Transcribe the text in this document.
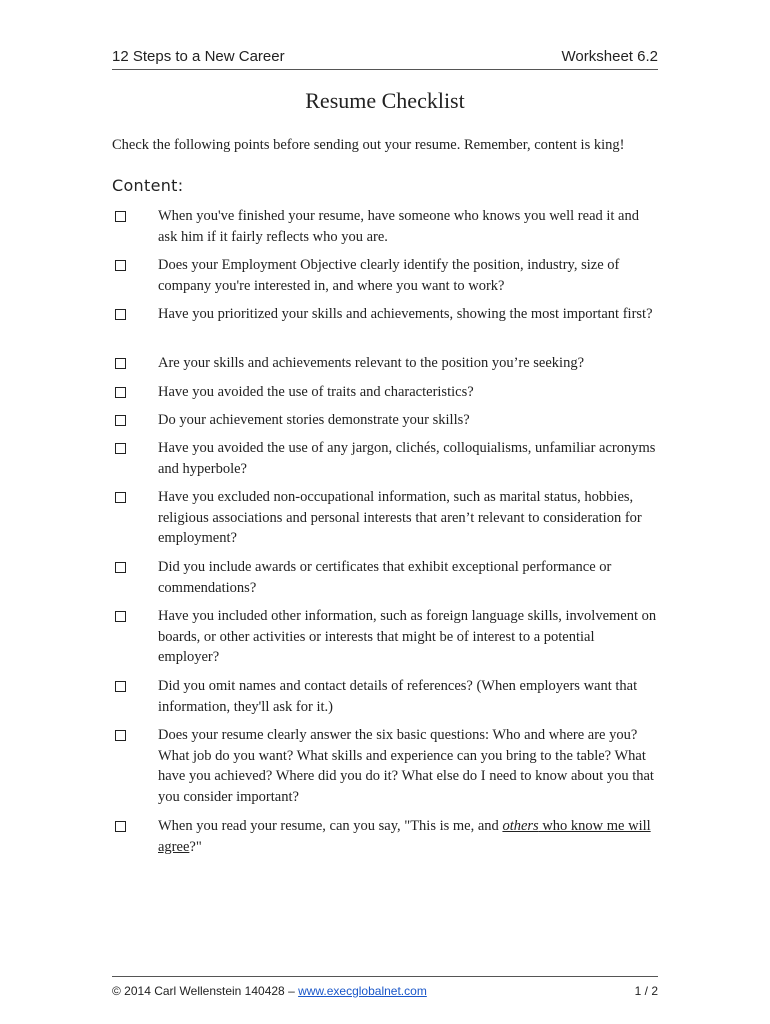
12 Steps to a New Career	Worksheet 6.2
Resume Checklist
Check the following points before sending out your resume. Remember, content is king!
Content:
When you've finished your resume, have someone who knows you well read it and ask him if it fairly reflects who you are.
Does your Employment Objective clearly identify the position, industry, size of company you're interested in, and where you want to work?
Have you prioritized your skills and achievements, showing the most important first?
Are your skills and achievements relevant to the position you’re seeking?
Have you avoided the use of traits and characteristics?
Do your achievement stories demonstrate your skills?
Have you avoided the use of any jargon, clichés, colloquialisms, unfamiliar acronyms and hyperbole?
Have you excluded non-occupational information, such as marital status, hobbies, religious associations and personal interests that aren’t relevant to consideration for employment?
Did you include awards or certificates that exhibit exceptional performance or commendations?
Have you included other information, such as foreign language skills, involvement on boards, or other activities or interests that might be of interest to a potential employer?
Did you omit names and contact details of references? (When employers want that information, they'll ask for it.)
Does your resume clearly answer the six basic questions: Who and where are you? What job do you want? What skills and experience can you bring to the table? What have you achieved? Where did you do it? What else do I need to know about you that you consider important?
When you read your resume, can you say, "This is me, and others who know me will agree?"
© 2014 Carl Wellenstein 140428 – www.execglobalnet.com	1 / 2
